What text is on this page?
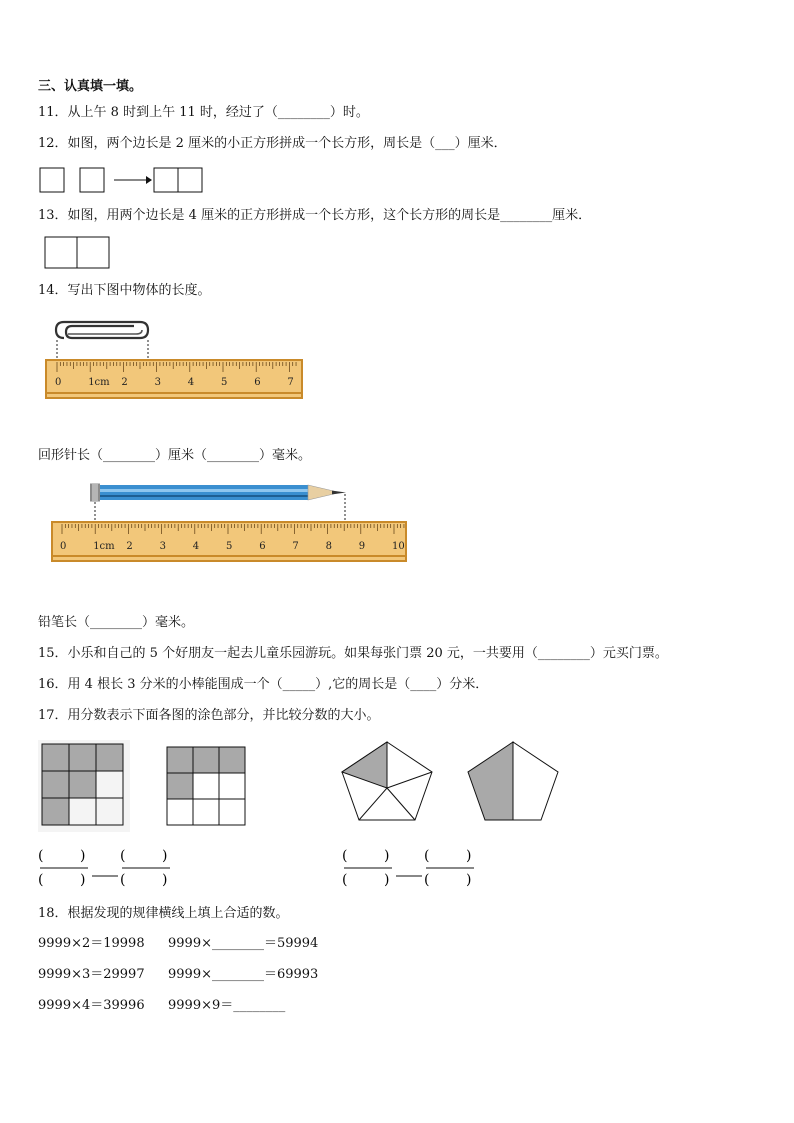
三、认真填一填。
11．从上午 8 时到上午 11 时，经过了（________）时。
12．如图，两个边长是 2 厘米的小正方形拼成一个长方形，周长是（___）厘米．
13．如图，用两个边长是 4 厘米的正方形拼成一个长方形，这个长方形的周长是________厘米．
14．写出下图中物体的长度。
0	1cm 2	3	4	5	6	7
回形针长（________）厘米（________）毫米。
0	1cm 2	3	4	5	6	7	8	9	10
铅笔长（________）毫米。
15．小乐和自己的 5 个好朋友一起去儿童乐园游玩。如果每张门票 20 元，一共要用（________）元买门票。
16．用 4 根长 3 分米的小棒能围成一个（_____）,它的周长是（____）分米．
17．用分数表示下面各图的涂色部分，并比较分数的大小。
(	)
(	)
(	)
(	)
(	)
(	)
(	)
(	)
18．根据发现的规律横线上填上合适的数。
9999×2＝19998 9999×________＝59994
9999×3＝29997 9999×________＝69993
9999×4＝39996 9999×9＝________
